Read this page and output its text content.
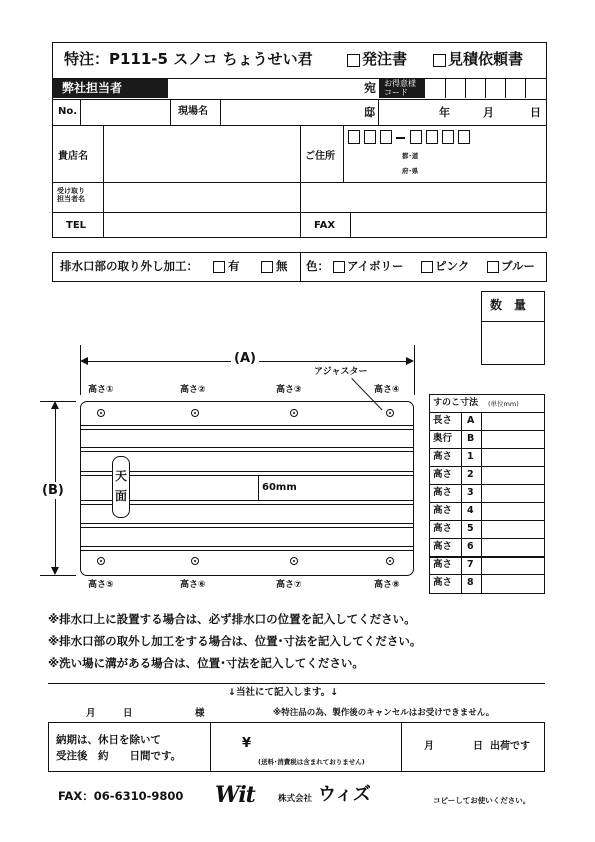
特注：P111-5 スノコ ちょうせい君	発注書	見積依頼書
弊社担当者	宛 お得意様
コード
No.	現場名	邸	年	月	日
貴店名	ご住所	都･道
府･県
受け取り
担当者名
TEL	FAX
排水口部の取り外し加工：	有	無 色： アイボリー	ピンク	ブルー
数　量
(A)
(B)
高さ①	高さ②	高さ③	高さ④
アジャスター
天
面
60mm
高さ⑤	高さ⑥	高さ⑦	高さ⑧
すのこ寸法 (単位mm)
長さ A
奥行 B
高さ 1
高さ 2
高さ 3
高さ 4
高さ 5
高さ 6
高さ 7
高さ 8
※排水口上に設置する場合は、必ず排水口の位置を記入してください。
※排水口部の取外し加工をする場合は、位置･寸法を記入してください。
※洗い場に溝がある場合は、位置･寸法を記入してください。
↓当社にて記入します。↓
月	日	様	※特注品の為、製作後のキャンセルはお受けできません。
納期は、休日を除いて
受注後　約　　日間です。
¥
(送料･消費税は含まれておりません)
月	日 出荷です
FAX：06-6310-9800 Wit	株式会社 ウィズ	コピーしてお使いください。
